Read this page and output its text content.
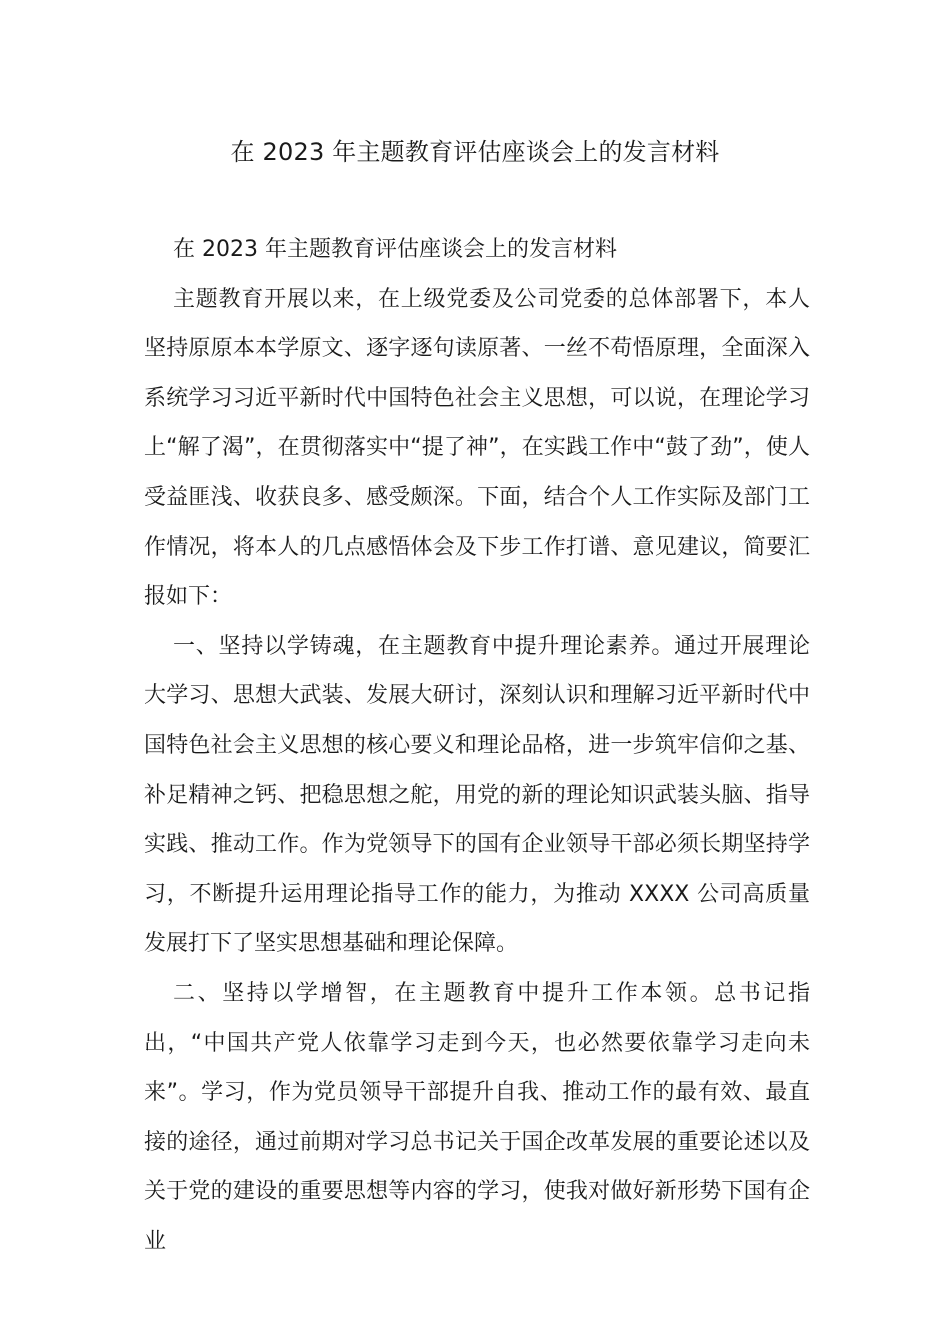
在 2023 年主题教育评估座谈会上的发言材料

在 2023 年主题教育评估座谈会上的发言材料

主题教育开展以来，在上级党委及公司党委的总体部署下，本人坚持原原本本学原文、逐字逐句读原著、一丝不苟悟原理，全面深入系统学习习近平新时代中国特色社会主义思想，可以说，在理论学习上“解了渴”，在贯彻落实中“提了神”，在实践工作中“鼓了劲”，使人受益匪浅、收获良多、感受颇深。下面，结合个人工作实际及部门工作情况，将本人的几点感悟体会及下步工作打谱、意见建议，简要汇报如下：

一、坚持以学铸魂，在主题教育中提升理论素养。通过开展理论大学习、思想大武装、发展大研讨，深刻认识和理解习近平新时代中国特色社会主义思想的核心要义和理论品格，进一步筑牢信仰之基、补足精神之钙、把稳思想之舵，用党的新的理论知识武装头脑、指导实践、推动工作。作为党领导下的国有企业领导干部必须长期坚持学习，不断提升运用理论指导工作的能力，为推动 XXXX 公司高质量发展打下了坚实思想基础和理论保障。

二、坚持以学增智，在主题教育中提升工作本领。总书记指出，“中国共产党人依靠学习走到今天，也必然要依靠学习走向未来”。学习，作为党员领导干部提升自我、推动工作的最有效、最直接的途径，通过前期对学习总书记关于国企改革发展的重要论述以及关于党的建设的重要思想等内容的学习，使我对做好新形势下国有企业
